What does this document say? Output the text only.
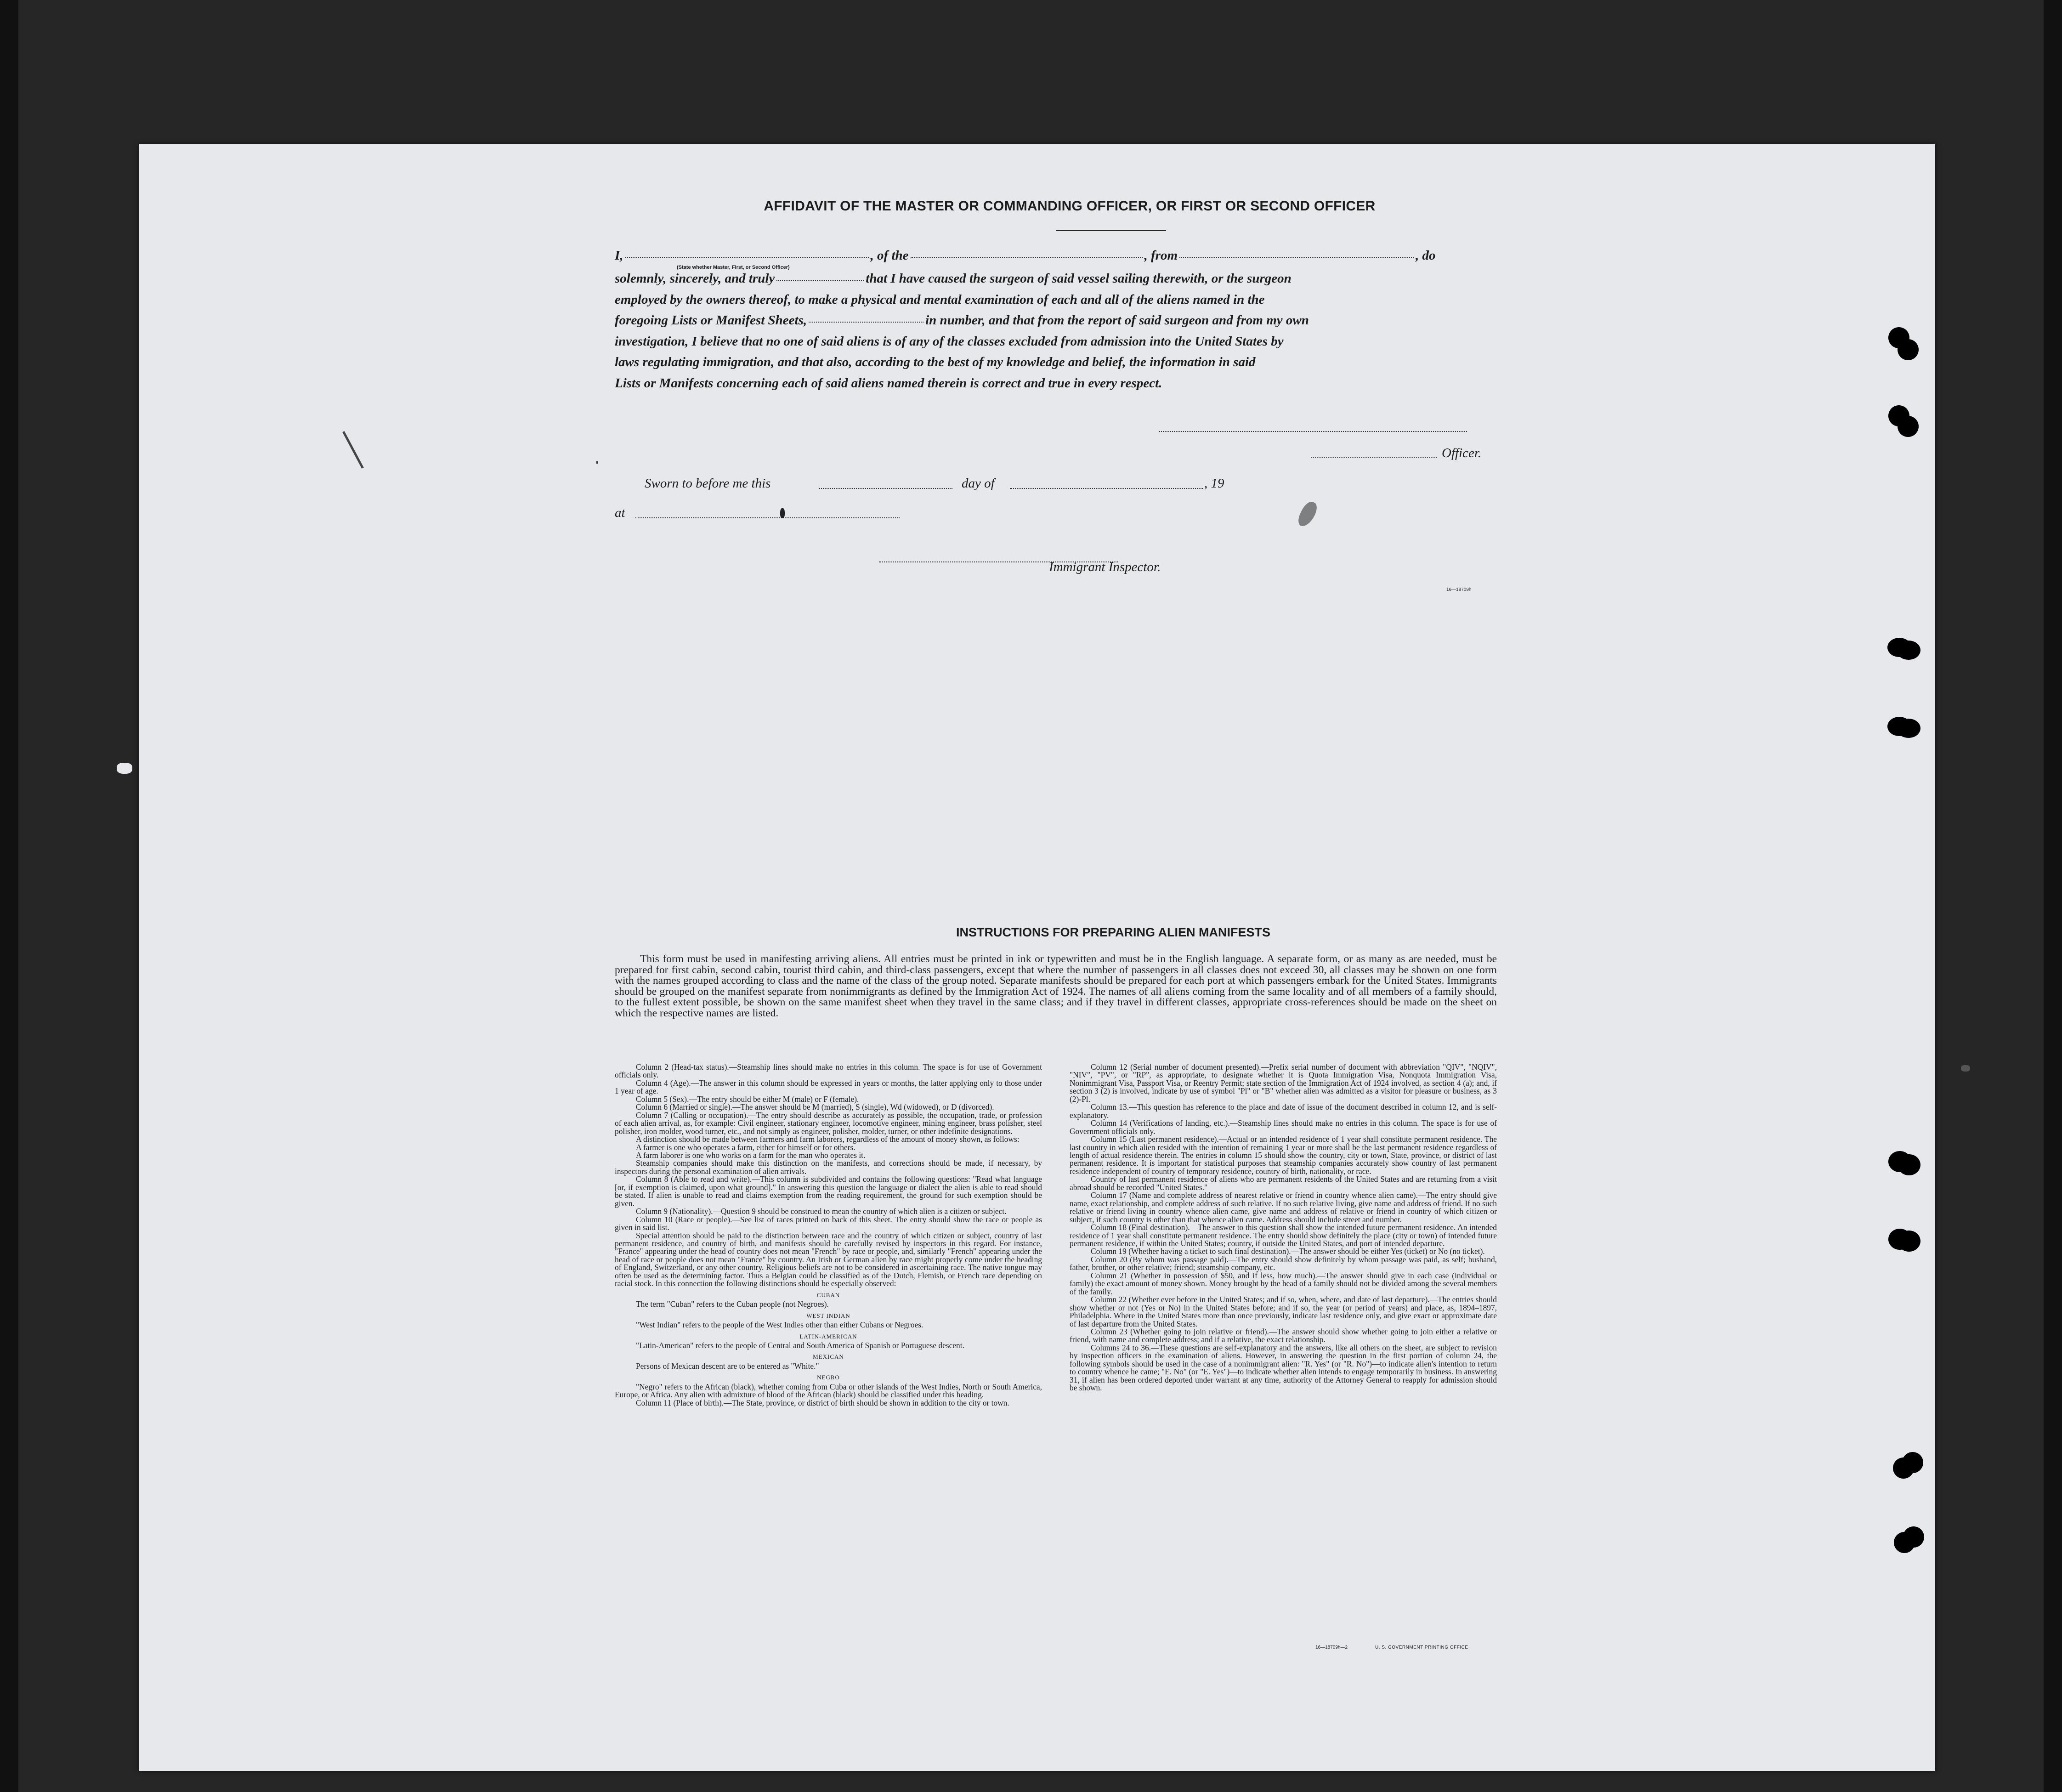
AFFIDAVIT OF THE MASTER OR COMMANDING OFFICER, OR FIRST OR SECOND OFFICER
I,	, of the	, from	, do
(State whether Master, First, or Second Officer)
solemnly, sincerely, and truly	that I have caused the surgeon of said vessel sailing therewith, or the surgeon
employed by the owners thereof, to make a physical and mental examination of each and all of the aliens named in the
foregoing Lists or Manifest Sheets,	in number, and that from the report of said surgeon and from my own
investigation, I believe that no one of said aliens is of any of the classes excluded from admission into the United States by
laws regulating immigration, and that also, according to the best of my knowledge and belief, the information in said
Lists or Manifests concerning each of said aliens named therein is correct and true in every respect.
Officer.
Sworn to before me this	day of	, 19
at
Immigrant Inspector.
16—18709h
INSTRUCTIONS FOR PREPARING ALIEN MANIFESTS

This form must be used in manifesting arriving aliens. All entries must be printed in ink or typewritten and must be in the English language. A separate form, or as many as are needed, must be prepared for first cabin, second cabin, tourist third cabin, and third-class passengers, except that where the number of passengers in all classes does not exceed 30, all classes may be shown on one form with the names grouped according to class and the name of the class of the group noted. Separate manifests should be prepared for each port at which passengers embark for the United States. Immigrants should be grouped on the manifest separate from nonimmigrants as defined by the Immigration Act of 1924. The names of all aliens coming from the same locality and of all members of a family should, to the fullest extent possible, be shown on the same manifest sheet when they travel in the same class; and if they travel in different classes, appropriate cross-references should be made on the sheet on which the respective names are listed.

Column 2 (Head-tax status).—Steamship lines should make no entries in this column. The space is for use of Government officials only.

Column 4 (Age).—The answer in this column should be expressed in years or months, the latter applying only to those under 1 year of age.

Column 5 (Sex).—The entry should be either M (male) or F (female).

Column 6 (Married or single).—The answer should be M (married), S (single), Wd (widowed), or D (divorced).

Column 7 (Calling or occupation).—The entry should describe as accurately as possible, the occupation, trade, or profession of each alien arrival, as, for example: Civil engineer, stationary engineer, locomotive engineer, mining engineer, brass polisher, steel polisher, iron molder, wood turner, etc., and not simply as engineer, polisher, molder, turner, or other indefinite designations.

A distinction should be made between farmers and farm laborers, regardless of the amount of money shown, as follows:

A farmer is one who operates a farm, either for himself or for others.

A farm laborer is one who works on a farm for the man who operates it.

Steamship companies should make this distinction on the manifests, and corrections should be made, if necessary, by inspectors during the personal examination of alien arrivals.

Column 8 (Able to read and write).—This column is subdivided and contains the following questions: "Read what language [or, if exemption is claimed, upon what ground]." In answering this question the language or dialect the alien is able to read should be stated. If alien is unable to read and claims exemption from the reading requirement, the ground for such exemption should be given.

Column 9 (Nationality).—Question 9 should be construed to mean the country of which alien is a citizen or subject.

Column 10 (Race or people).—See list of races printed on back of this sheet. The entry should show the race or people as given in said list.

Special attention should be paid to the distinction between race and the country of which citizen or subject, country of last permanent residence, and country of birth, and manifests should be carefully revised by inspectors in this regard. For instance, "France" appearing under the head of country does not mean "French" by race or people, and, similarly "French" appearing under the head of race or people does not mean "France" by country. An Irish or German alien by race might properly come under the heading of England, Switzerland, or any other country. Religious beliefs are not to be considered in ascertaining race. The native tongue may often be used as the determining factor. Thus a Belgian could be classified as of the Dutch, Flemish, or French race depending on racial stock. In this connection the following distinctions should be especially observed:

CUBAN

The term "Cuban" refers to the Cuban people (not Negroes).

WEST INDIAN

"West Indian" refers to the people of the West Indies other than either Cubans or Negroes.

LATIN-AMERICAN

"Latin-American" refers to the people of Central and South America of Spanish or Portuguese descent.

MEXICAN

Persons of Mexican descent are to be entered as "White."

NEGRO

"Negro" refers to the African (black), whether coming from Cuba or other islands of the West Indies, North or South America, Europe, or Africa. Any alien with admixture of blood of the African (black) should be classified under this heading.

Column 11 (Place of birth).—The State, province, or district of birth should be shown in addition to the city or town.

Column 12 (Serial number of document presented).—Prefix serial number of document with abbreviation "QIV", "NQIV", "NIV", "PV", or "RP", as appropriate, to designate whether it is Quota Immigration Visa, Nonquota Immigration Visa, Nonimmigrant Visa, Passport Visa, or Reentry Permit; state section of the Immigration Act of 1924 involved, as section 4 (a); and, if section 3 (2) is involved, indicate by use of symbol "Pl" or "B" whether alien was admitted as a visitor for pleasure or business, as 3 (2)-Pl.

Column 13.—This question has reference to the place and date of issue of the document described in column 12, and is self-explanatory.

Column 14 (Verifications of landing, etc.).—Steamship lines should make no entries in this column. The space is for use of Government officials only.

Column 15 (Last permanent residence).—Actual or an intended residence of 1 year shall constitute permanent residence. The last country in which alien resided with the intention of remaining 1 year or more shall be the last permanent residence regardless of length of actual residence therein. The entries in column 15 should show the country, city or town, State, province, or district of last permanent residence. It is important for statistical purposes that steamship companies accurately show country of last permanent residence independent of country of temporary residence, country of birth, nationality, or race.

Country of last permanent residence of aliens who are permanent residents of the United States and are returning from a visit abroad should be recorded "United States."

Column 17 (Name and complete address of nearest relative or friend in country whence alien came).—The entry should give name, exact relationship, and complete address of such relative. If no such relative living, give name and address of friend. If no such relative or friend living in country whence alien came, give name and address of relative or friend in country of which citizen or subject, if such country is other than that whence alien came. Address should include street and number.

Column 18 (Final destination).—The answer to this question shall show the intended future permanent residence. An intended residence of 1 year shall constitute permanent residence. The entry should show definitely the place (city or town) of intended future permanent residence, if within the United States; country, if outside the United States, and port of intended departure.

Column 19 (Whether having a ticket to such final destination).—The answer should be either Yes (ticket) or No (no ticket).

Column 20 (By whom was passage paid).—The entry should show definitely by whom passage was paid, as self; husband, father, brother, or other relative; friend; steamship company, etc.

Column 21 (Whether in possession of $50, and if less, how much).—The answer should give in each case (individual or family) the exact amount of money shown. Money brought by the head of a family should not be divided among the several members of the family.

Column 22 (Whether ever before in the United States; and if so, when, where, and date of last departure).—The entries should show whether or not (Yes or No) in the United States before; and if so, the year (or period of years) and place, as, 1894–1897, Philadelphia. Where in the United States more than once previously, indicate last residence only, and give exact or approximate date of last departure from the United States.

Column 23 (Whether going to join relative or friend).—The answer should show whether going to join either a relative or friend, with name and complete address; and if a relative, the exact relationship.

Columns 24 to 36.—These questions are self-explanatory and the answers, like all others on the sheet, are subject to revision by inspection officers in the examination of aliens. However, in answering the question in the first portion of column 24, the following symbols should be used in the case of a nonimmigrant alien: "R. Yes" (or "R. No")—to indicate alien's intention to return to country whence he came; "E. No" (or "E. Yes")—to indicate whether alien intends to engage temporarily in business. In answering 31, if alien has been ordered deported under warrant at any time, authority of the Attorney General to reapply for admission should be shown.

16—18709h—2	U. S. GOVERNMENT PRINTING OFFICE
